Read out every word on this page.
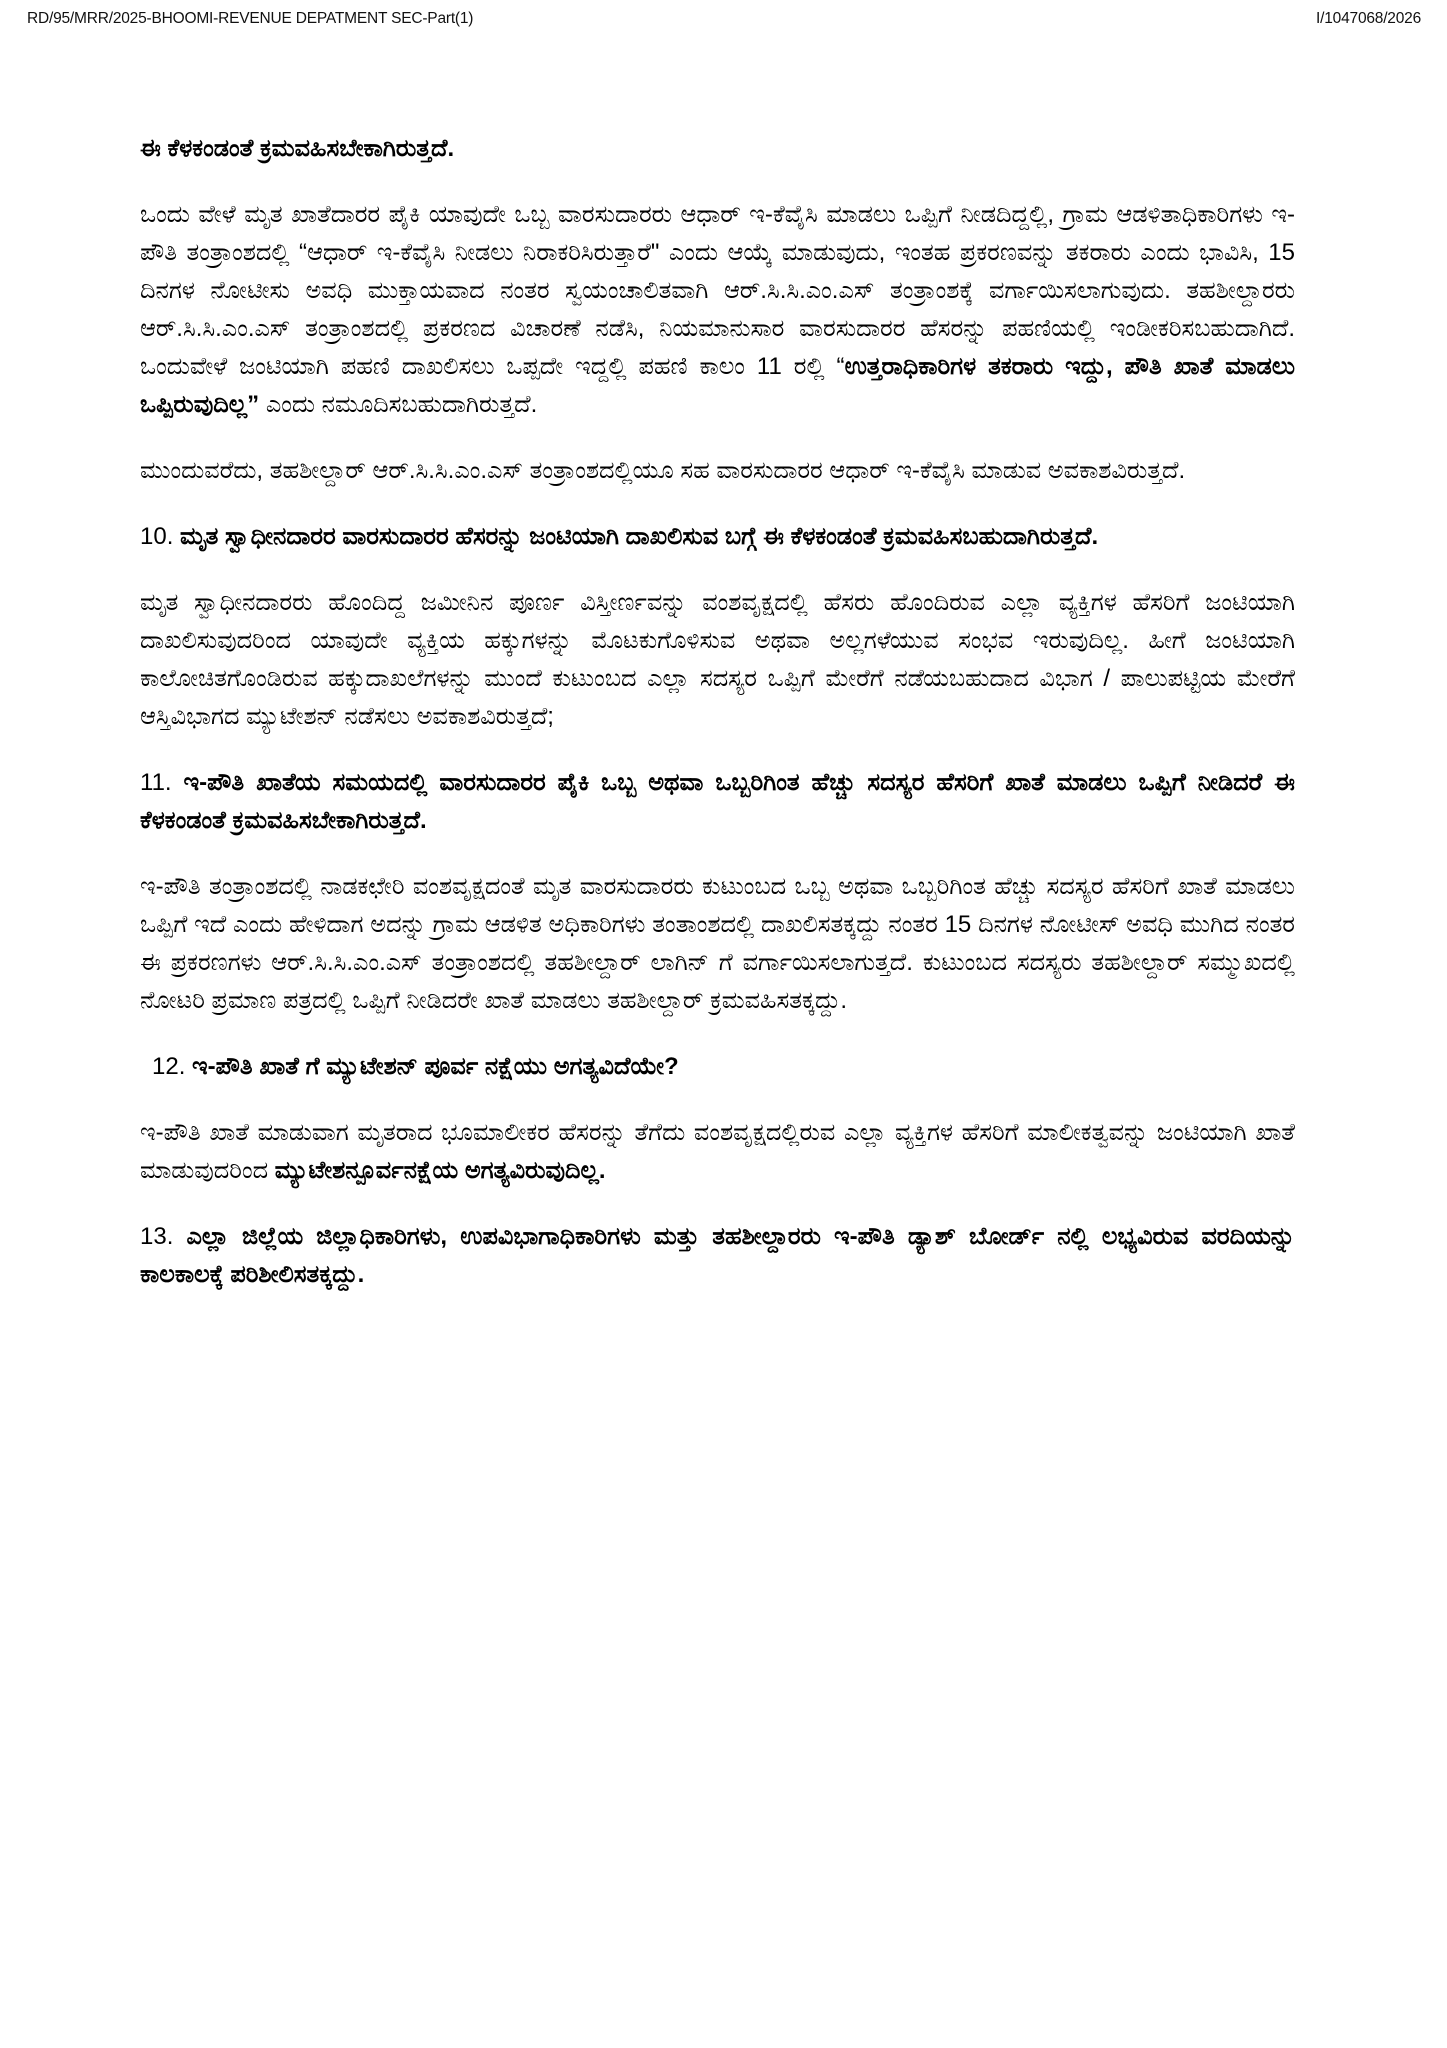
RD/95/MRR/2025-BHOOMI-REVENUE DEPATMENT SEC-Part(1)	I/1047068/2026

ಈ ಕೆಳಕಂಡಂತೆ ಕ್ರಮವಹಿಸಬೇಕಾಗಿರುತ್ತದೆ.

ಒಂದು ವೇಳೆ ಮೃತ ಖಾತೆದಾರರ ಪೈಕಿ ಯಾವುದೇ ಒಬ್ಬ ವಾರಸುದಾರರು ಆಧಾರ್ ಇ-ಕೆವೈಸಿ ಮಾಡಲು ಒಪ್ಪಿಗೆ ನೀಡದಿದ್ದಲ್ಲಿ, ಗ್ರಾಮ ಆಡಳಿತಾಧಿಕಾರಿಗಳು ಇ-ಪೌತಿ ತಂತ್ರಾಂಶದಲ್ಲಿ “ಆಧಾರ್ ಇ-ಕೆವೈಸಿ ನೀಡಲು ನಿರಾಕರಿಸಿರುತ್ತಾರೆ" ಎಂದು ಆಯ್ಕೆ ಮಾಡುವುದು, ಇಂತಹ ಪ್ರಕರಣವನ್ನು ತಕರಾರು ಎಂದು ಭಾವಿಸಿ, 15 ದಿನಗಳ ನೋಟೀಸು ಅವಧಿ ಮುಕ್ತಾಯವಾದ ನಂತರ ಸ್ವಯಂಚಾಲಿತವಾಗಿ ಆರ್.ಸಿ.ಸಿ.ಎಂ.ಎಸ್ ತಂತ್ರಾಂಶಕ್ಕೆ ವರ್ಗಾಯಿಸಲಾಗುವುದು. ತಹಶೀಲ್ದಾರರು ಆರ್.ಸಿ.ಸಿ.ಎಂ.ಎಸ್ ತಂತ್ರಾಂಶದಲ್ಲಿ ಪ್ರಕರಣದ ವಿಚಾರಣೆ ನಡೆಸಿ, ನಿಯಮಾನುಸಾರ ವಾರಸುದಾರರ ಹೆಸರನ್ನು ಪಹಣಿಯಲ್ಲಿ ಇಂಡೀಕರಿಸಬಹುದಾಗಿದೆ. ಒಂದುವೇಳೆ ಜಂಟಿಯಾಗಿ ಪಹಣಿ ದಾಖಲಿಸಲು ಒಪ್ಪದೇ ಇದ್ದಲ್ಲಿ ಪಹಣಿ ಕಾಲಂ 11 ರಲ್ಲಿ “ಉತ್ತರಾಧಿಕಾರಿಗಳ ತಕರಾರು ಇದ್ದು, ಪೌತಿ ಖಾತೆ ಮಾಡಲು ಒಪ್ಪಿರುವುದಿಲ್ಲ” ಎಂದು ನಮೂದಿಸಬಹುದಾಗಿರುತ್ತದೆ.

ಮುಂದುವರೆದು, ತಹಶೀಲ್ದಾರ್ ಆರ್.ಸಿ.ಸಿ.ಎಂ.ಎಸ್ ತಂತ್ರಾಂಶದಲ್ಲಿಯೂ ಸಹ ವಾರಸುದಾರರ ಆಧಾರ್ ಇ-ಕೆವೈಸಿ ಮಾಡುವ ಅವಕಾಶವಿರುತ್ತದೆ.

10. ಮೃತ ಸ್ವಾಧೀನದಾರರ ವಾರಸುದಾರರ ಹೆಸರನ್ನು ಜಂಟಿಯಾಗಿ ದಾಖಲಿಸುವ ಬಗ್ಗೆ ಈ ಕೆಳಕಂಡಂತೆ ಕ್ರಮವಹಿಸಬಹುದಾಗಿರುತ್ತದೆ.

ಮೃತ ಸ್ವಾಧೀನದಾರರು ಹೊಂದಿದ್ದ ಜಮೀನಿನ ಪೂರ್ಣ ವಿಸ್ತೀರ್ಣವನ್ನು ವಂಶವೃಕ್ಷದಲ್ಲಿ ಹೆಸರು ಹೊಂದಿರುವ ಎಲ್ಲಾ ವ್ಯಕ್ತಿಗಳ ಹೆಸರಿಗೆ ಜಂಟಿಯಾಗಿ ದಾಖಲಿಸುವುದರಿಂದ ಯಾವುದೇ ವ್ಯಕ್ತಿಯ ಹಕ್ಕುಗಳನ್ನು ಮೊಟಕುಗೊಳಿಸುವ ಅಥವಾ ಅಲ್ಲಗಳೆಯುವ ಸಂಭವ ಇರುವುದಿಲ್ಲ. ಹೀಗೆ ಜಂಟಿಯಾಗಿ ಕಾಲೋಚಿತಗೊಂಡಿರುವ ಹಕ್ಕುದಾಖಲೆಗಳನ್ನು ಮುಂದೆ ಕುಟುಂಬದ ಎಲ್ಲಾ ಸದಸ್ಯರ ಒಪ್ಪಿಗೆ ಮೇರೆಗೆ ನಡೆಯಬಹುದಾದ ವಿಭಾಗ / ಪಾಲುಪಟ್ಟಿಯ ಮೇರೆಗೆ ಆಸ್ತಿವಿಭಾಗದ ಮ್ಯುಟೇಶನ್ ನಡೆಸಲು ಅವಕಾಶವಿರುತ್ತದೆ;

11. ಇ-ಪೌತಿ ಖಾತೆಯ ಸಮಯದಲ್ಲಿ ವಾರಸುದಾರರ ಪೈಕಿ ಒಬ್ಬ ಅಥವಾ ಒಬ್ಬರಿಗಿಂತ ಹೆಚ್ಚು ಸದಸ್ಯರ ಹೆಸರಿಗೆ ಖಾತೆ ಮಾಡಲು ಒಪ್ಪಿಗೆ ನೀಡಿದರೆ ಈ ಕೆಳಕಂಡಂತೆ ಕ್ರಮವಹಿಸಬೇಕಾಗಿರುತ್ತದೆ.

ಇ-ಪೌತಿ ತಂತ್ರಾಂಶದಲ್ಲಿ ನಾಡಕಛೇರಿ ವಂಶವೃಕ್ಷದಂತೆ ಮೃತ ವಾರಸುದಾರರು ಕುಟುಂಬದ ಒಬ್ಬ ಅಥವಾ ಒಬ್ಬರಿಗಿಂತ ಹೆಚ್ಚು ಸದಸ್ಯರ ಹೆಸರಿಗೆ ಖಾತೆ ಮಾಡಲು ಒಪ್ಪಿಗೆ ಇದೆ ಎಂದು ಹೇಳಿದಾಗ ಅದನ್ನು ಗ್ರಾಮ ಆಡಳಿತ ಅಧಿಕಾರಿಗಳು ತಂತಾಂಶದಲ್ಲಿ ದಾಖಲಿಸತಕ್ಕದ್ದು ನಂತರ 15 ದಿನಗಳ ನೋಟೀಸ್ ಅವಧಿ ಮುಗಿದ ನಂತರ ಈ ಪ್ರಕರಣಗಳು ಆರ್.ಸಿ.ಸಿ.ಎಂ.ಎಸ್ ತಂತ್ರಾಂಶದಲ್ಲಿ ತಹಶೀಲ್ದಾರ್ ಲಾಗಿನ್ ಗೆ ವರ್ಗಾಯಿಸಲಾಗುತ್ತದೆ. ಕುಟುಂಬದ ಸದಸ್ಯರು ತಹಶೀಲ್ದಾರ್ ಸಮ್ಮುಖದಲ್ಲಿ ನೋಟರಿ ಪ್ರಮಾಣ ಪತ್ರದಲ್ಲಿ ಒಪ್ಪಿಗೆ ನೀಡಿದರೇ ಖಾತೆ ಮಾಡಲು ತಹಶೀಲ್ದಾರ್ ಕ್ರಮವಹಿಸತಕ್ಕದ್ದು.

12. ಇ-ಪೌತಿ ಖಾತೆ ಗೆ ಮ್ಯುಟೇಶನ್ ಪೂರ್ವ ನಕ್ಷೆಯು ಅಗತ್ಯವಿದೆಯೇ?

ಇ-ಪೌತಿ ಖಾತೆ ಮಾಡುವಾಗ ಮೃತರಾದ ಭೂಮಾಲೀಕರ ಹೆಸರನ್ನು ತೆಗೆದು ವಂಶವೃಕ್ಷದಲ್ಲಿರುವ ಎಲ್ಲಾ ವ್ಯಕ್ತಿಗಳ ಹೆಸರಿಗೆ ಮಾಲೀಕತ್ವವನ್ನು ಜಂಟಿಯಾಗಿ ಖಾತೆ ಮಾಡುವುದರಿಂದ ಮ್ಯುಟೇಶನ್ಪೂರ್ವನಕ್ಷೆಯ ಅಗತ್ಯವಿರುವುದಿಲ್ಲ.

13. ಎಲ್ಲಾ ಜಿಲ್ಲೆಯ ಜಿಲ್ಲಾಧಿಕಾರಿಗಳು, ಉಪವಿಭಾಗಾಧಿಕಾರಿಗಳು ಮತ್ತು ತಹಶೀಲ್ದಾರರು ಇ-ಪೌತಿ ಡ್ಯಾಶ್ ಬೋರ್ಡ್ ನಲ್ಲಿ ಲಭ್ಯವಿರುವ ವರದಿಯನ್ನು ಕಾಲಕಾಲಕ್ಕೆ ಪರಿಶೀಲಿಸತಕ್ಕದ್ದು.
